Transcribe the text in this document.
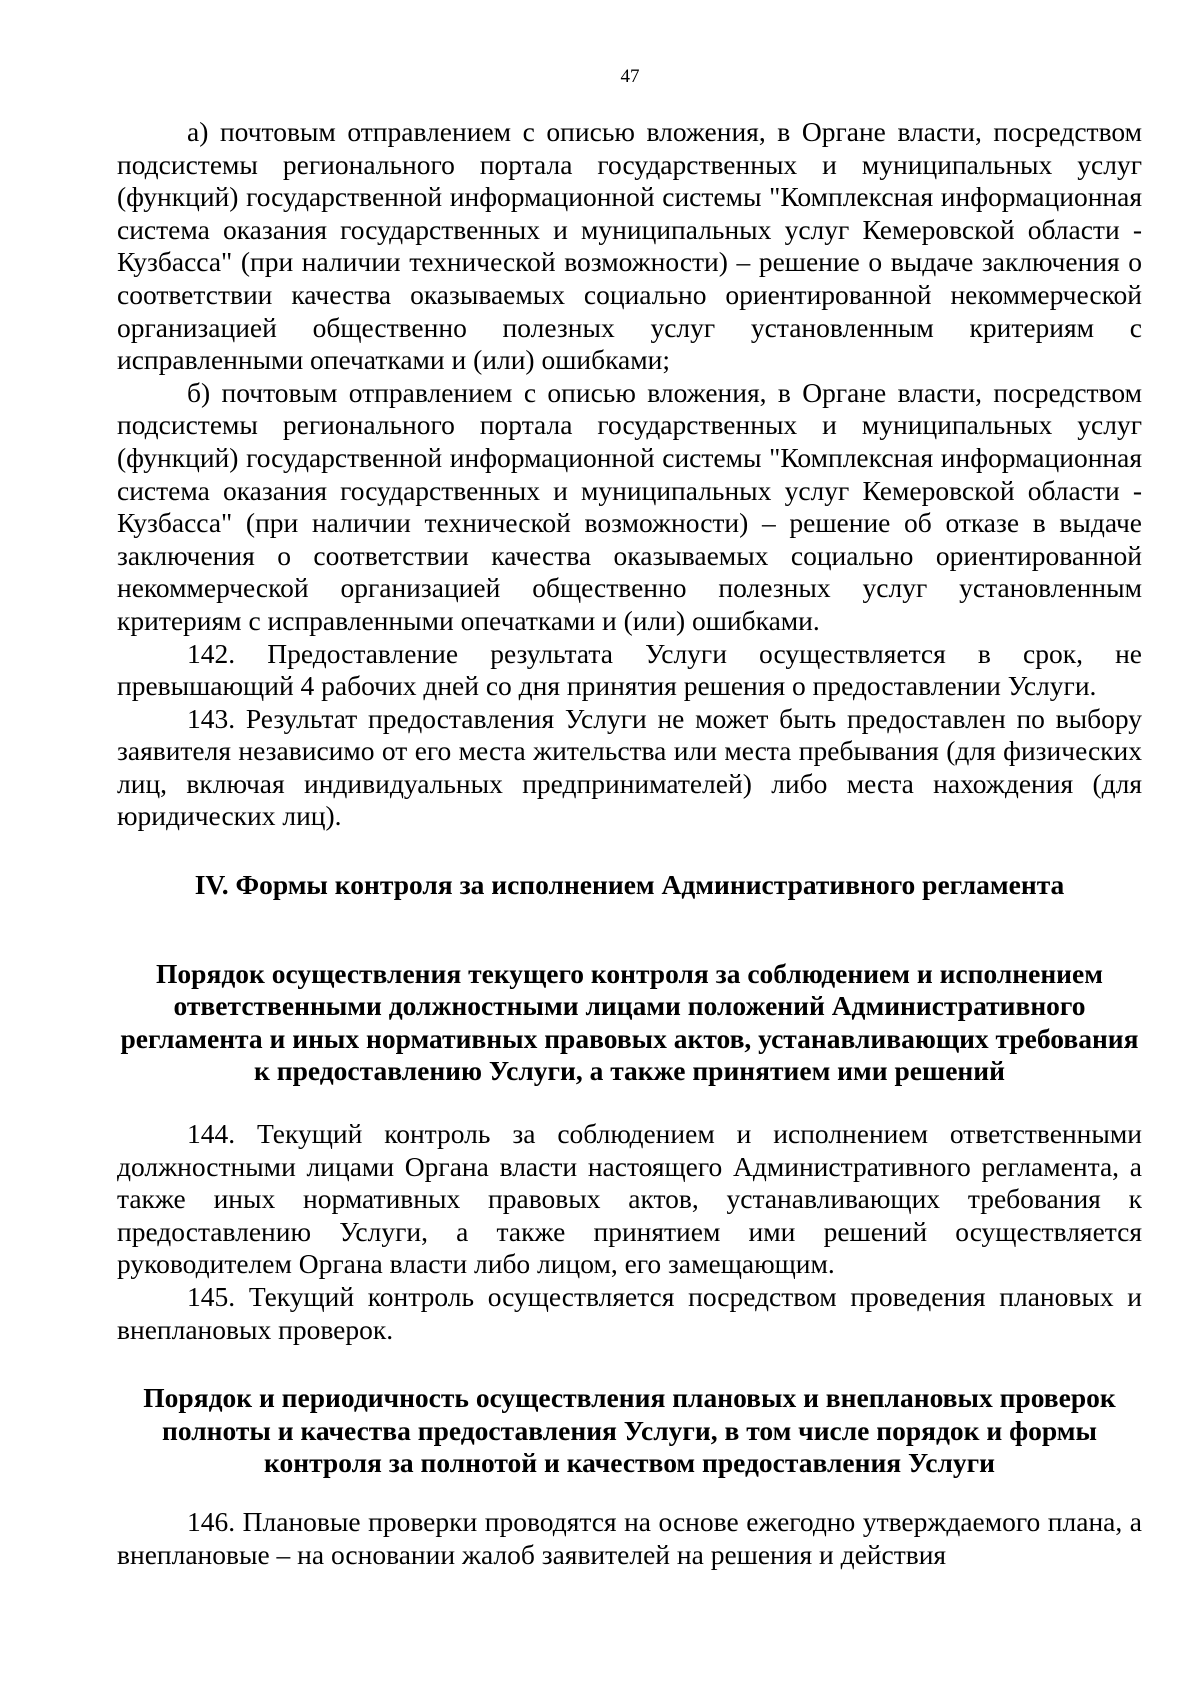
47

а) почтовым отправлением с описью вложения, в Органе власти, посредством подсистемы регионального портала государственных и муниципальных услуг (функций) государственной информационной системы "Комплексная информационная система оказания государственных и муниципальных услуг Кемеровской области - Кузбасса" (при наличии технической возможности) – решение о выдаче заключения о соответствии качества оказываемых социально ориентированной некоммерческой организацией общественно полезных услуг установленным критериям с исправленными опечатками и (или) ошибками;

б) почтовым отправлением с описью вложения, в Органе власти, посредством подсистемы регионального портала государственных и муниципальных услуг (функций) государственной информационной системы "Комплексная информационная система оказания государственных и муниципальных услуг Кемеровской области - Кузбасса" (при наличии технической возможности) – решение об отказе в выдаче заключения о соответствии качества оказываемых социально ориентированной некоммерческой организацией общественно полезных услуг установленным критериям с исправленными опечатками и (или) ошибками.

142. Предоставление результата Услуги осуществляется в срок, не превышающий 4 рабочих дней со дня принятия решения о предоставлении Услуги.

143. Результат предоставления Услуги не может быть предоставлен по выбору заявителя независимо от его места жительства или места пребывания (для физических лиц, включая индивидуальных предпринимателей) либо места нахождения (для юридических лиц).

IV. Формы контроля за исполнением Административного регламента
Порядок осуществления текущего контроля за соблюдением и исполнением ответственными должностными лицами положений Административного регламента и иных нормативных правовых актов, устанавливающих требования к предоставлению Услуги, а также принятием ими решений

144. Текущий контроль за соблюдением и исполнением ответственными должностными лицами Органа власти настоящего Административного регламента, а также иных нормативных правовых актов, устанавливающих требования к предоставлению Услуги, а также принятием ими решений осуществляется руководителем Органа власти либо лицом, его замещающим.

145. Текущий контроль осуществляется посредством проведения плановых и внеплановых проверок.

Порядок и периодичность осуществления плановых и внеплановых проверок полноты и качества предоставления Услуги, в том числе порядок и формы контроля за полнотой и качеством предоставления Услуги

146. Плановые проверки проводятся на основе ежегодно утверждаемого плана, а внеплановые – на основании жалоб заявителей на решения и действия
